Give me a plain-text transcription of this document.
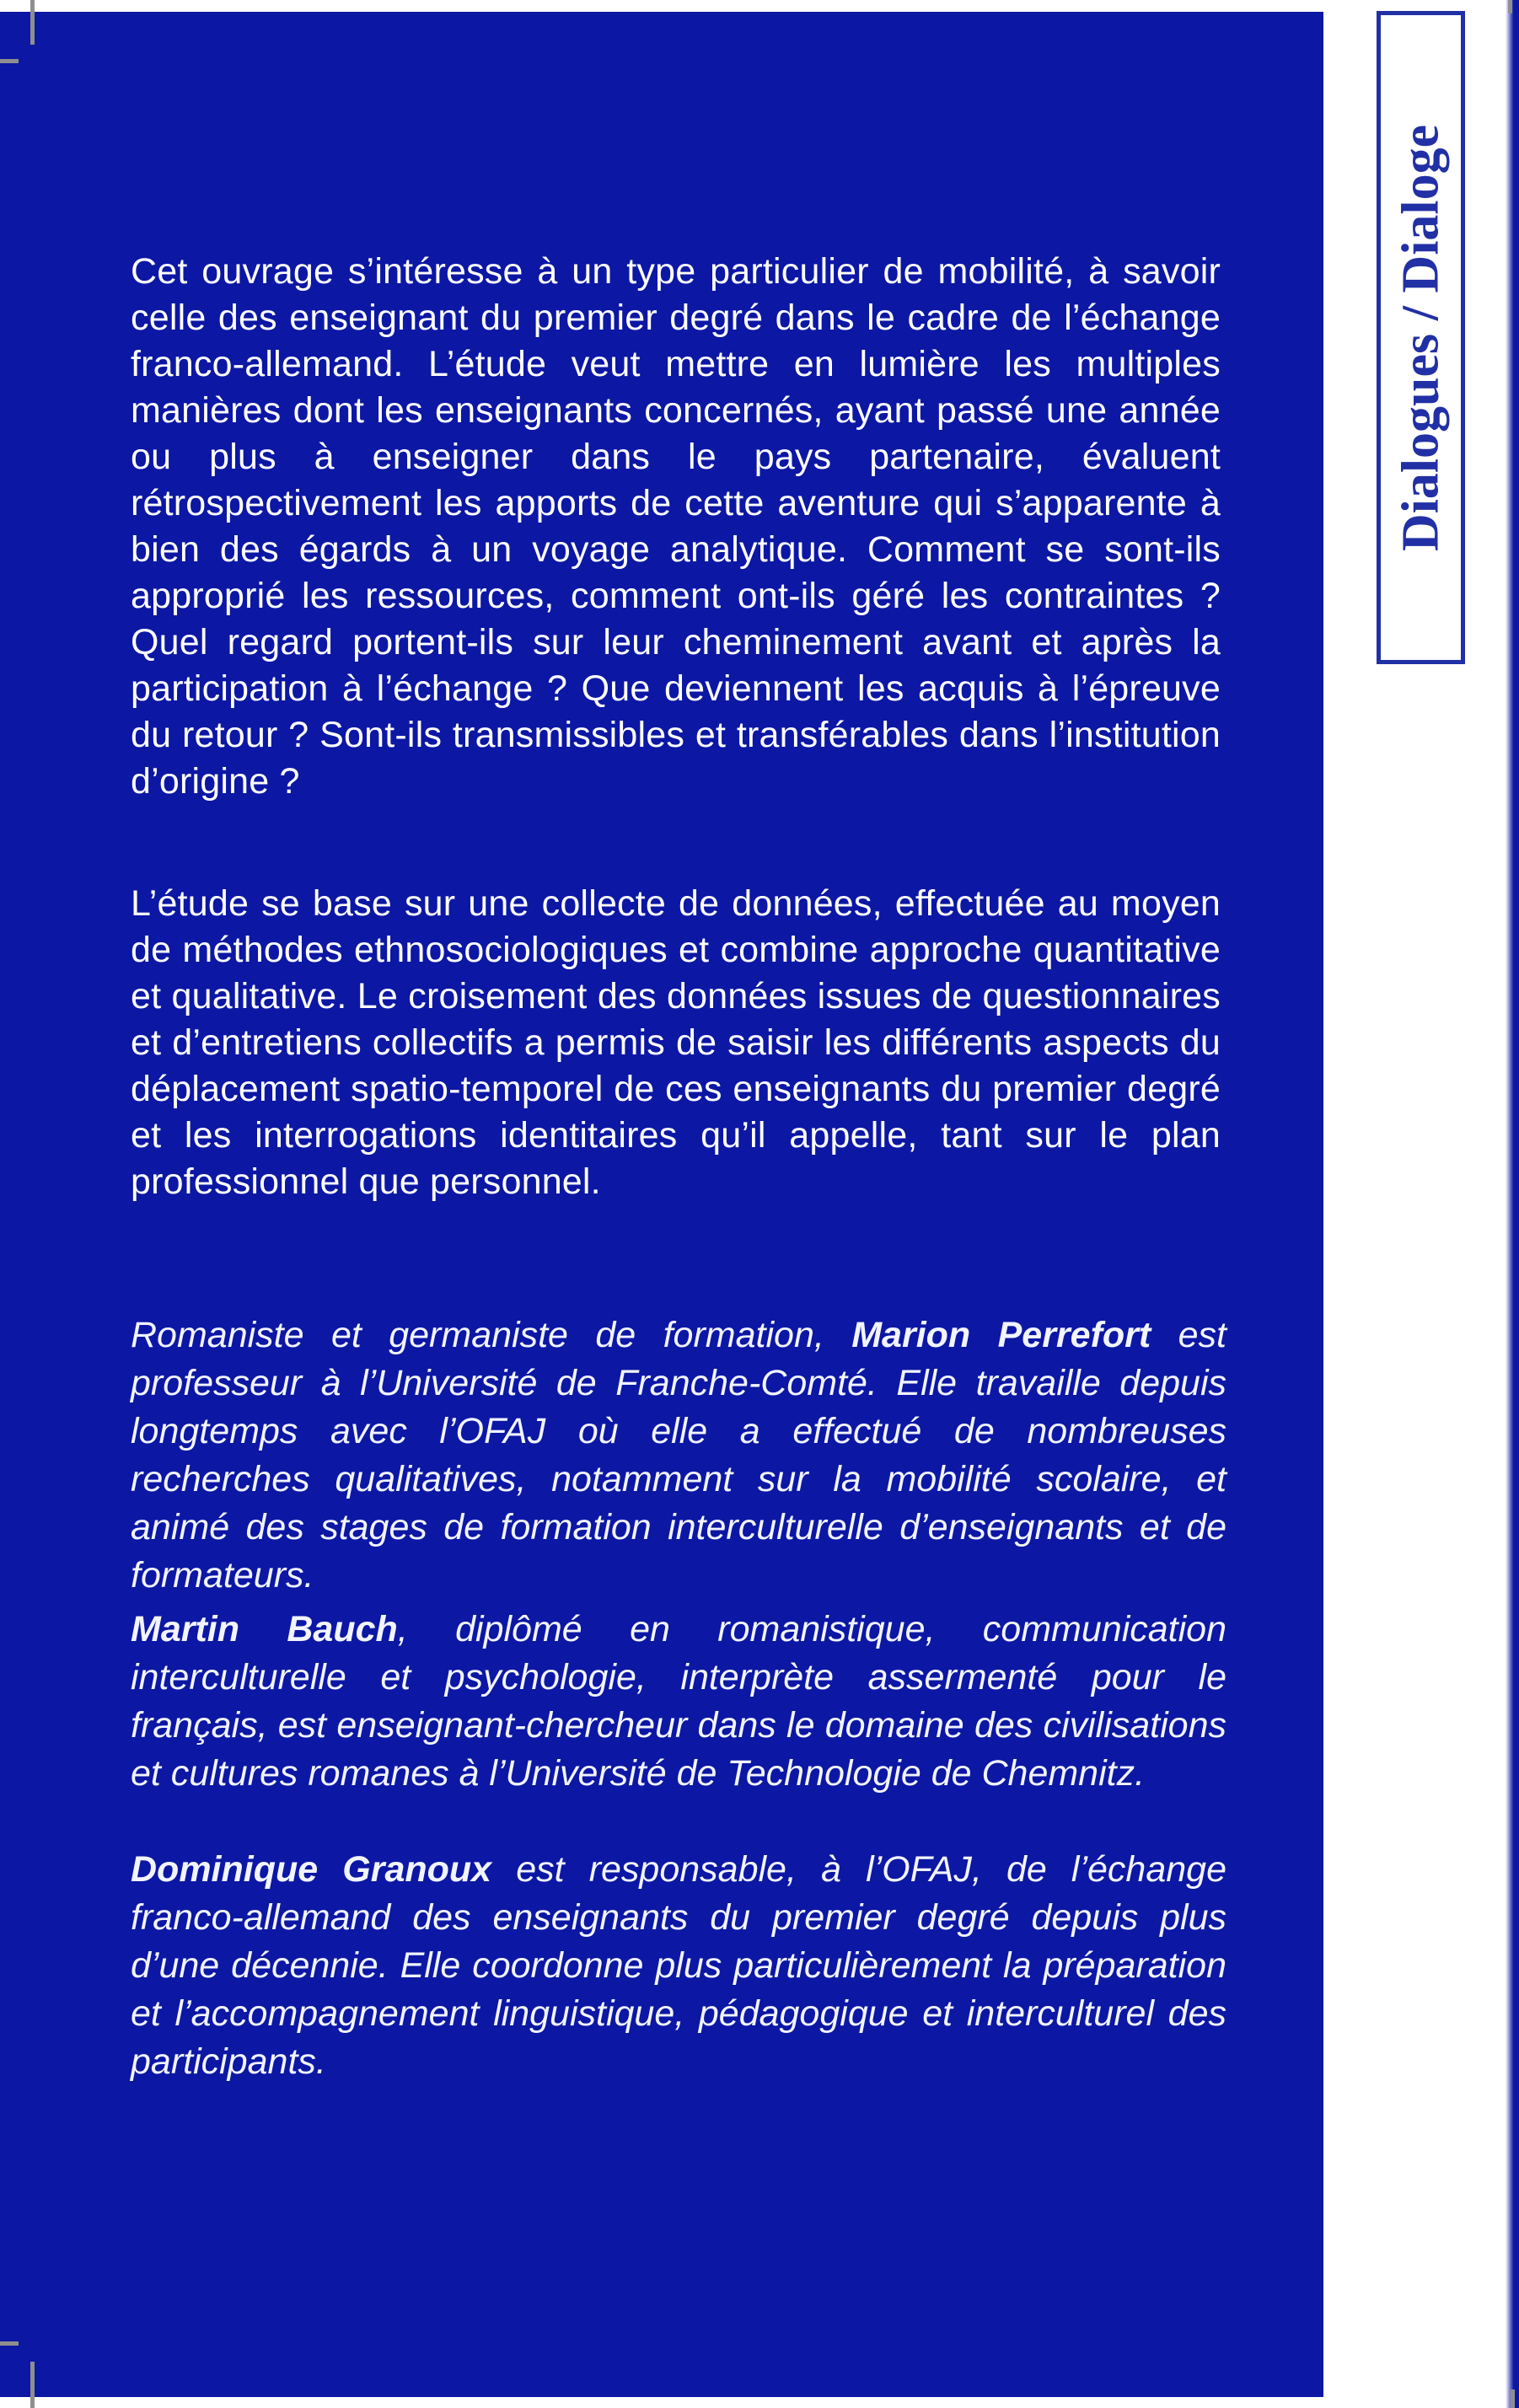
Cet ouvrage s’intéresse à un type particulier de mobilité, à savoir celle des enseignant du premier degré dans le cadre de l’échange franco-allemand. L’étude veut mettre en lumière les multiples manières dont les enseignants concernés, ayant passé une année ou plus à enseigner dans le pays partenaire, évaluent rétrospectivement les apports de cette aventure qui s’apparente à bien des égards à un voyage analytique. Comment se sont-ils approprié les ressources, comment ont-ils géré les contraintes ? Quel regard portent-ils sur leur cheminement avant et après la participation à l’échange ? Que deviennent les acquis à l’épreuve du retour ? Sont-ils transmissibles et transférables dans l’institution d’origine ?

L’étude se base sur une collecte de données, effectuée au moyen de méthodes ethnosociologiques et combine approche quantitative et qualitative. Le croisement des données issues de questionnaires et d’entretiens collectifs a permis de saisir les différents aspects du déplacement spatio-temporel de ces enseignants du premier degré et les interrogations identitaires qu’il appelle, tant sur le plan professionnel que personnel.

Romaniste et germaniste de formation, Marion Perrefort est professeur à l’Université de Franche-Comté. Elle travaille depuis longtemps avec l’OFAJ où elle a effectué de nombreuses recherches qualitatives, notamment sur la mobilité scolaire, et animé des stages de formation interculturelle d’enseignants et de formateurs.

Martin Bauch, diplômé en romanistique, communication interculturelle et psychologie, interprète assermenté pour le français, est enseignant-chercheur dans le domaine des civilisations et cultures romanes à l’Université de Technologie de Chemnitz.

Dominique Granoux est responsable, à l’OFAJ, de l’échange franco-allemand des enseignants du premier degré depuis plus d’une décennie. Elle coordonne plus particulièrement la préparation et l’accompagnement linguistique, pédagogique et interculturel des participants.

Dialogues / Dialoge
